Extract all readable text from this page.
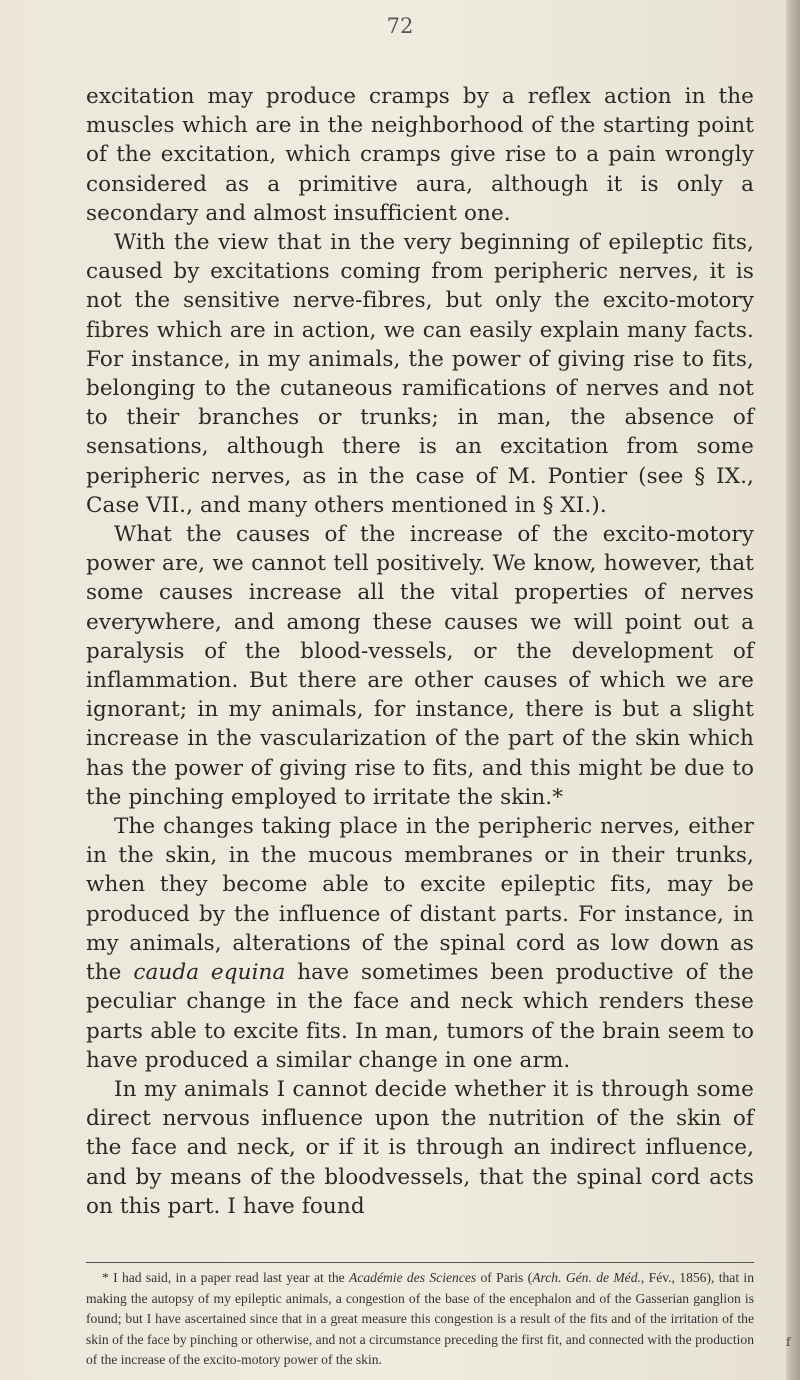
72

excitation may produce cramps by a reflex action in the muscles which are in the neighborhood of the starting point of the excitation, which cramps give rise to a pain wrongly considered as a primitive aura, although it is only a secondary and almost insufficient one.

With the view that in the very beginning of epileptic fits, caused by excitations coming from peripheric nerves, it is not the sensitive nerve-fibres, but only the excito-motory fibres which are in action, we can easily explain many facts. For instance, in my animals, the power of giving rise to fits, belonging to the cutaneous ramifications of nerves and not to their branches or trunks; in man, the absence of sensations, although there is an excitation from some peripheric nerves, as in the case of M. Pontier (see § IX., Case VII., and many others mentioned in § XI.).

What the causes of the increase of the excito-motory power are, we cannot tell positively. We know, however, that some causes increase all the vital properties of nerves everywhere, and among these causes we will point out a paralysis of the blood-vessels, or the development of inflammation. But there are other causes of which we are ignorant; in my animals, for instance, there is but a slight increase in the vascularization of the part of the skin which has the power of giving rise to fits, and this might be due to the pinching employed to irritate the skin.*

The changes taking place in the peripheric nerves, either in the skin, in the mucous membranes or in their trunks, when they become able to excite epileptic fits, may be produced by the influence of distant parts. For instance, in my animals, alterations of the spinal cord as low down as the cauda equina have sometimes been productive of the peculiar change in the face and neck which renders these parts able to excite fits. In man, tumors of the brain seem to have produced a similar change in one arm.

In my animals I cannot decide whether it is through some direct nervous influence upon the nutrition of the skin of the face and neck, or if it is through an indirect influence, and by means of the bloodvessels, that the spinal cord acts on this part. I have found

* I had said, in a paper read last year at the Académie des Sciences of Paris (Arch. Gén. de Méd., Fév., 1856), that in making the autopsy of my epileptic animals, a congestion of the base of the encephalon and of the Gasserian ganglion is found; but I have ascertained since that in a great measure this congestion is a result of the fits and of the irritation of the skin of the face by pinching or otherwise, and not a circumstance preceding the first fit, and connected with the production of the increase of the excito-motory power of the skin.
f
